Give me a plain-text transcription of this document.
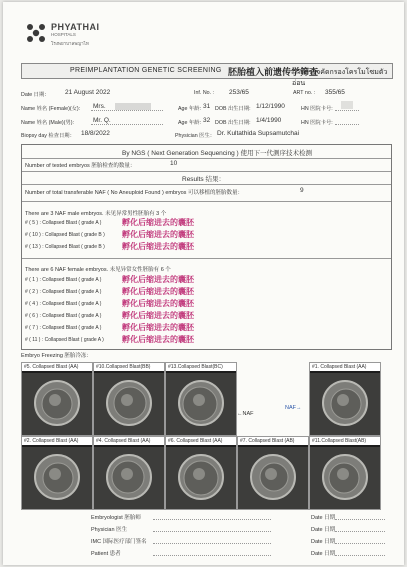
PHYATHAI
HOSPITALS
โรงพยาบาลพญาไท
PREIMPLANTATION GENETIC SCREENING 胚胎植入前遗传学筛查
การตรวจคัดกรองโครโมโซมตัวอ่อน
Date 日期： 21 August 2022	Inf. No. : 253/65	ART no. : 355/65
Name 姓名 (Female)(女): Mrs.	Age 年龄: 31 DOB 出生日期: 1/12/1990	HN 医院卡号:
Name 姓名 (Male)(男):	Mr. Q.	Age 年龄: 32 DOB 出生日期: 1/4/1990	HN 医院卡号:
Biopsy day 检查日期： 18/8/2022	Physician 医生： Dr. Kultathida Supsamutchai
By NGS ( Next Generation Sequencing ) 使用下一代测序技术检测
Number of tested embryos 胚胎检查的数量：	10
Results 结果：
Number of total transferable NAF ( No Aneuploid Found ) embryos 可以移植的胚胎数量：	9
There are 3 NAF male embryos. 未见异常男性胚胎有 3 个
# ( 5 ) : Collapsed Blast ( grade A )	孵化后缩进去的囊胚
# ( 10 ) : Collapsed Blast ( grade B ) 孵化后缩进去的囊胚
# ( 13 ) : Collapsed Blast ( grade B ) 孵化后缩进去的囊胚
There are 6 NAF female embryos. 未见异常女性胚胎有 6 个
# ( 1 ) : Collapsed Blast ( grade A )	孵化后缩进去的囊胚
# ( 2 ) : Collapsed Blast ( grade A )	孵化后缩进去的囊胚
# ( 4 ) : Collapsed Blast ( grade A )	孵化后缩进去的囊胚
# ( 6 ) : Collapsed Blast ( grade A )	孵化后缩进去的囊胚
# ( 7 ) : Collapsed Blast ( grade A )	孵化后缩进去的囊胚
# ( 11 ) : Collapsed Blast ( grade A ) 孵化后缩进去的囊胚
Embryo Freezing 胚胎冷冻：
#5. Collapsed Blast (AA)	#10.Collapsed Blast(BB)	#13.Collapsed Blast(BC)	#1. Collapsed Blast (AA)
#2. Collapsed Blast (AA)	#4. Collapsed Blast (AA)	#6. Collapsed Blast (AA)	#7. Collapsed Blast (AB)	#11.Collapsed Blast(AB)
←NAF
NAF→
Embryologist 胚胎师	Date 日期
Physician 医生	Date 日期
IMC 国际医疗部门签名	Date 日期
Patient 患者	Date 日期
